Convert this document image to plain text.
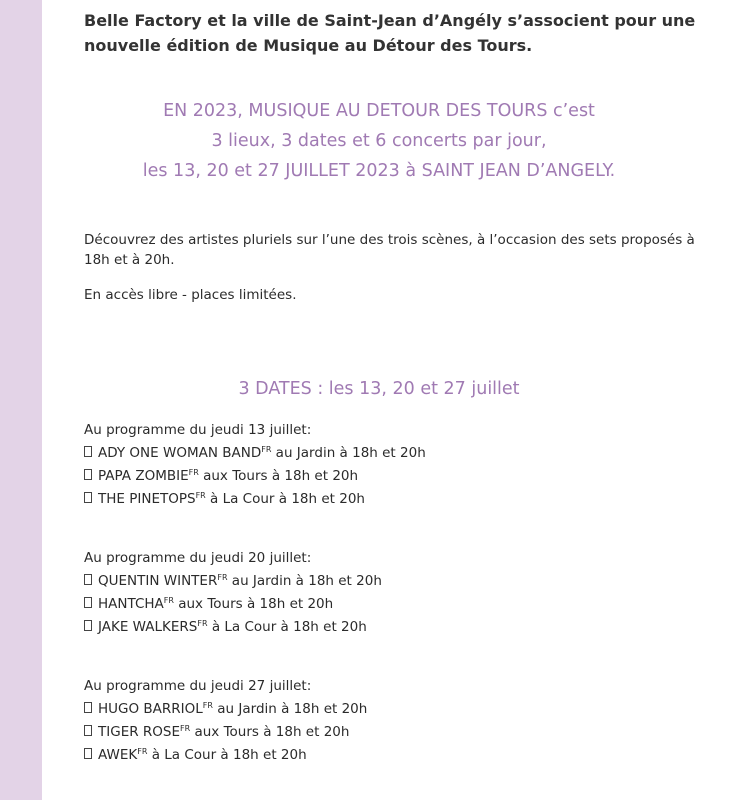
Belle Factory et la ville de Saint-Jean d’Angély s’associent pour une nouvelle édition de Musique au Détour des Tours.

EN 2023, MUSIQUE AU DETOUR DES TOURS c’est
3 lieux, 3 dates et 6 concerts par jour,
les 13, 20 et 27 JUILLET 2023 à SAINT JEAN D’ANGELY.
Découvrez des artistes pluriels sur l’une des trois scènes, à l’occasion des sets proposés à 18h et à 20h.
En accès libre - places limitées.
3 DATES : les 13, 20 et 27 juillet
Au programme du jeudi 13 juillet:
ADY ONE WOMAN $BAND^{FR}$ au Jardin à 18h et 20h
PAPA $ZOMBIE^{FR}$ aux Tours à 18h et 20h
THE $PINETOPS^{FR}$ à La Cour à 18h et 20h
Au programme du jeudi 20 juillet:
QUENTIN $WINTER^{FR}$ au Jardin à 18h et 20h
$HANTCHA^{FR}$ aux Tours à 18h et 20h
JAKE $WALKERS^{FR}$ à La Cour à 18h et 20h
Au programme du jeudi 27 juillet:
HUGO $BARRIOL^{FR}$ au Jardin à 18h et 20h
TIGER $ROSE^{FR}$ aux Tours à 18h et 20h
$AWEK^{FR}$ à La Cour à 18h et 20h
